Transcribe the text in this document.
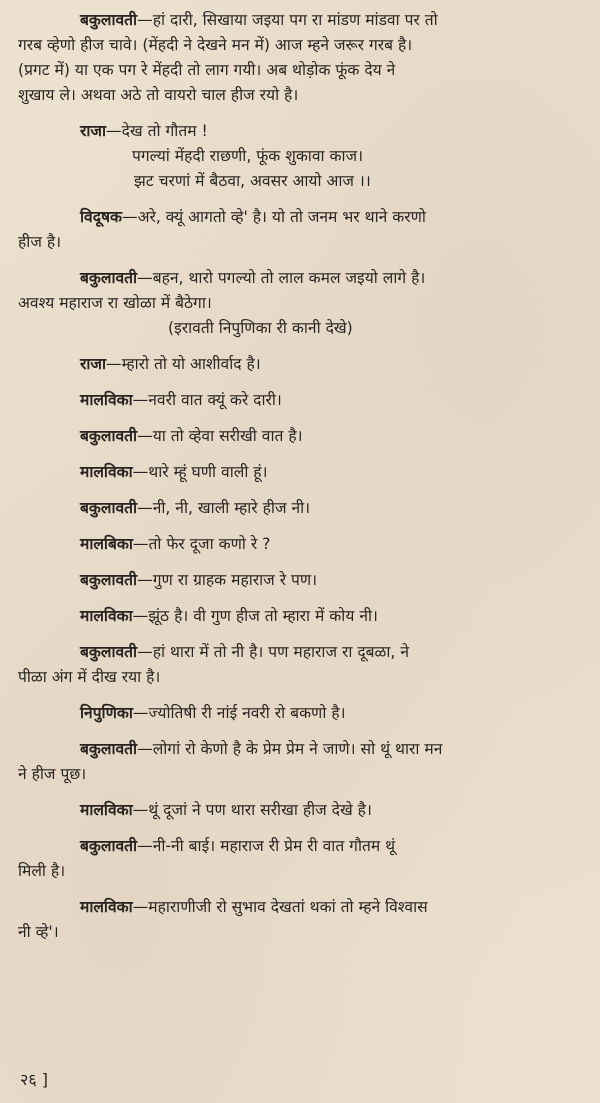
बकुलावती—हां दारी, सिखाया जइया पग रा मांडण मांडवा पर तो

गरब व्हेणो हीज चावे। (मेंहदी ने देखने मन में) आज म्हने जरूर गरब है।

(प्रगट में) या एक पग रे मेंहदी तो लाग गयी। अब थोड़ोक फूंक देय ने

शुखाय ले। अथवा अठे तो वायरो चाल हीज रयो है।

राजा—देख तो गौतम !

पगल्यां मेंहदी राछणी, फूंक शुकावा काज।

झट चरणां में बैठवा, अवसर आयो आज ।।

विदूषक—अरे, क्यूं आगतो व्हे' है। यो तो जनम भर थाने करणो

हीज है।

बकुलावती—बहन, थारो पगल्यो तो लाल कमल जइयो लागे है।

अवश्य महाराज रा खोळा में बैठेगा।

(इरावती निपुणिका री कानी देखे)

राजा—म्हारो तो यो आशीर्वाद है।

मालविका—नवरी वात क्यूं करे दारी।

बकुलावती—या तो व्हेवा सरीखी वात है।

मालविका—थारे म्हूं घणी वाली हूं।

बकुलावती—नी, नी, खाली म्हारे हीज नी।

मालबिका—तो फेर दूजा कणो रे ?

बकुलावती—गुण रा ग्राहक महाराज रे पण।

मालविका—झूंठ है। वी गुण हीज तो म्हारा में कोय नी।

बकुलावती—हां थारा में तो नी है। पण महाराज रा दूबळा, ने

पीळा अंग में दीख रया है।

निपुणिका—ज्योतिषी री नांई नवरी रो बकणो है।

बकुलावती—लोगां रो केणो है के प्रेम प्रेम ने जाणे। सो थूं थारा मन

ने हीज पूछ।

मालविका—थूं दूजां ने पण थारा सरीखा हीज देखे है।

बकुलावती—नी-नी बाई। महाराज री प्रेम री वात गौतम थूं

मिली है।

मालविका—महाराणीजी रो सुभाव देखतां थकां तो म्हने विश्वास

नी व्हे'।

२६ ]
